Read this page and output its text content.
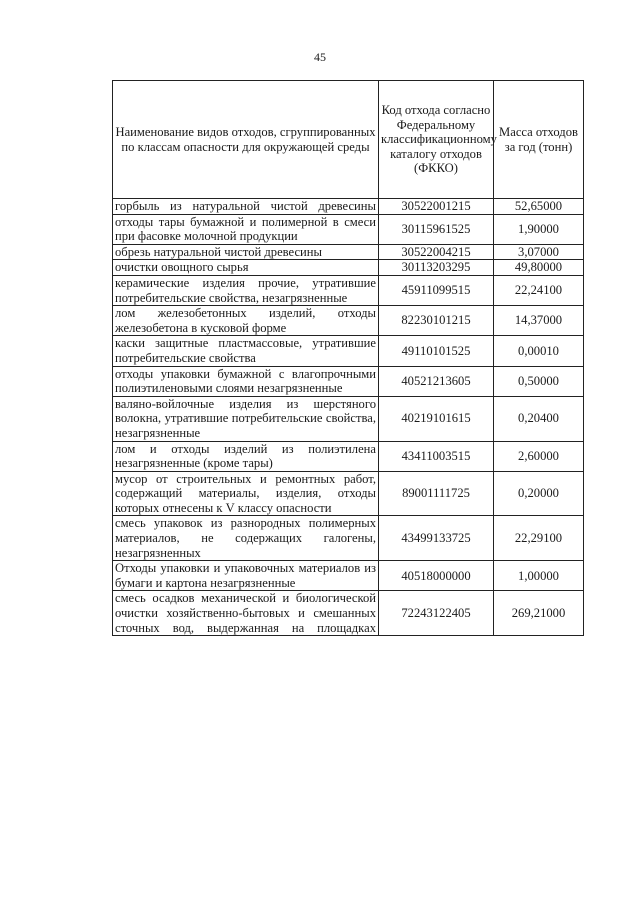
45
Наименование видов отходов, сгруппированных по классам опасности для окружающей среды	Код отхода согласно Федеральному классификационному каталогу отходов (ФККО)	Масса отходов за год (тонн)
горбыль из натуральной чистой древесины	30522001215	52,65000
отходы тары бумажной и полимерной в смеси при фасовке молочной продукции	30115961525	1,90000
обрезь натуральной чистой древесины	30522004215	3,07000
очистки овощного сырья	30113203295	49,80000
керамические изделия прочие, утратившие потребительские свойства, незагрязненные	45911099515	22,24100
лом железобетонных изделий, отходы железобетона в кусковой форме	82230101215	14,37000
каски защитные пластмассовые, утратившие потребительские свойства	49110101525	0,00010
отходы упаковки бумажной с влагопрочными полиэтиленовыми слоями незагрязненные	40521213605	0,50000
валяно-войлочные изделия из шерстяного волокна, утратившие потребительские свойства, незагрязненные	40219101615	0,20400
лом и отходы изделий из полиэтилена незагрязненные (кроме тары)	43411003515	2,60000
мусор от строительных и ремонтных работ, содержащий материалы, изделия, отходы которых отнесены к V классу опасности	89001111725	0,20000
смесь упаковок из разнородных полимерных материалов, не содержащих галогены, незагрязненных	43499133725	22,29100
Отходы упаковки и упаковочных материалов из бумаги и картона незагрязненные	40518000000	1,00000
смесь осадков механической и биологической очистки хозяйственно-бытовых и смешанных сточных вод, выдержанная на площадках	72243122405	269,21000
